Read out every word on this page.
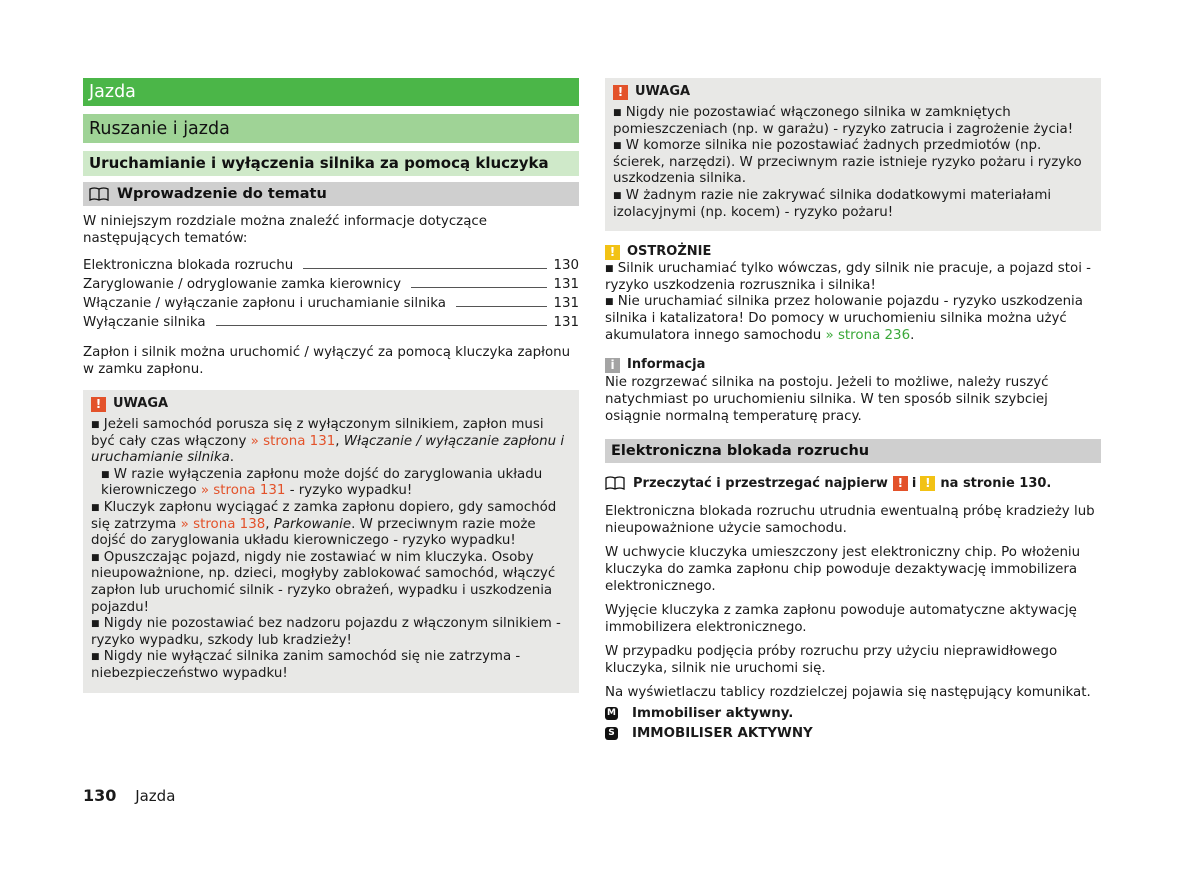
Jazda
Ruszanie i jazda
Uruchamianie i wyłączenia silnika za pomocą kluczyka
Wprowadzenie do tematu

W niniejszym rozdziale można znaleźć informacje dotyczące następujących tematów:

Elektroniczna blokada rozruchu	130
Zaryglowanie / odryglowanie zamka kierownicy	131
Włączanie / wyłączanie zapłonu i uruchamianie silnika	131
Wyłączanie silnika	131

Zapłon i silnik można uruchomić / wyłączyć za pomocą kluczyka zapłonu w zamku zapłonu.

! UWAGA

■ Jeżeli samochód porusza się z wyłączonym silnikiem, zapłon musi być cały czas włączony » strona 131, Włączanie / wyłączanie zapłonu i uruchamianie silnika.

■ W razie wyłączenia zapłonu może dojść do zaryglowania układu kierowniczego » strona 131 - ryzyko wypadku!

■ Kluczyk zapłonu wyciągać z zamka zapłonu dopiero, gdy samochód się zatrzyma » strona 138, Parkowanie. W przeciwnym razie może dojść do zaryglowania układu kierowniczego - ryzyko wypadku!

■ Opuszczając pojazd, nigdy nie zostawiać w nim kluczyka. Osoby nieupoważnione, np. dzieci, mogłyby zablokować samochód, włączyć zapłon lub uruchomić silnik - ryzyko obrażeń, wypadku i uszkodzenia pojazdu!

■ Nigdy nie pozostawiać bez nadzoru pojazdu z włączonym silnikiem - ryzyko wypadku, szkody lub kradzieży!

■ Nigdy nie wyłączać silnika zanim samochód się nie zatrzyma - niebezpieczeństwo wypadku!

! UWAGA

■ Nigdy nie pozostawiać włączonego silnika w zamkniętych pomieszczeniach (np. w garażu) - ryzyko zatrucia i zagrożenie życia!

■ W komorze silnika nie pozostawiać żadnych przedmiotów (np. ścierek, narzędzi). W przeciwnym razie istnieje ryzyko pożaru i ryzyko uszkodzenia silnika.

■ W żadnym razie nie zakrywać silnika dodatkowymi materiałami izolacyjnymi (np. kocem) - ryzyko pożaru!

! OSTROŻNIE

■ Silnik uruchamiać tylko wówczas, gdy silnik nie pracuje, a pojazd stoi - ryzyko uszkodzenia rozrusznika i silnika!

■ Nie uruchamiać silnika przez holowanie pojazdu - ryzyko uszkodzenia silnika i katalizatora! Do pomocy w uruchomieniu silnika można użyć akumulatora innego samochodu » strona 236.

i Informacja

Nie rozgrzewać silnika na postoju. Jeżeli to możliwe, należy ruszyć natychmiast po uruchomieniu silnika. W ten sposób silnik szybciej osiągnie normalną temperaturę pracy.

Elektroniczna blokada rozruchu
Przeczytać i przestrzegać najpierw ! i ! na stronie 130.

Elektroniczna blokada rozruchu utrudnia ewentualną próbę kradzieży lub nieupoważnione użycie samochodu.

W uchwycie kluczyka umieszczony jest elektroniczny chip. Po włożeniu kluczyka do zamka zapłonu chip powoduje dezaktywację immobilizera elektronicznego.

Wyjęcie kluczyka z zamka zapłonu powoduje automatyczne aktywację immobilizera elektronicznego.

W przypadku podjęcia próby rozruchu przy użyciu nieprawidłowego kluczyka, silnik nie uruchomi się.

Na wyświetlaczu tablicy rozdzielczej pojawia się następujący komunikat.

M Immobiliser aktywny.
S IMMOBILISER AKTYWNY
130 Jazda
